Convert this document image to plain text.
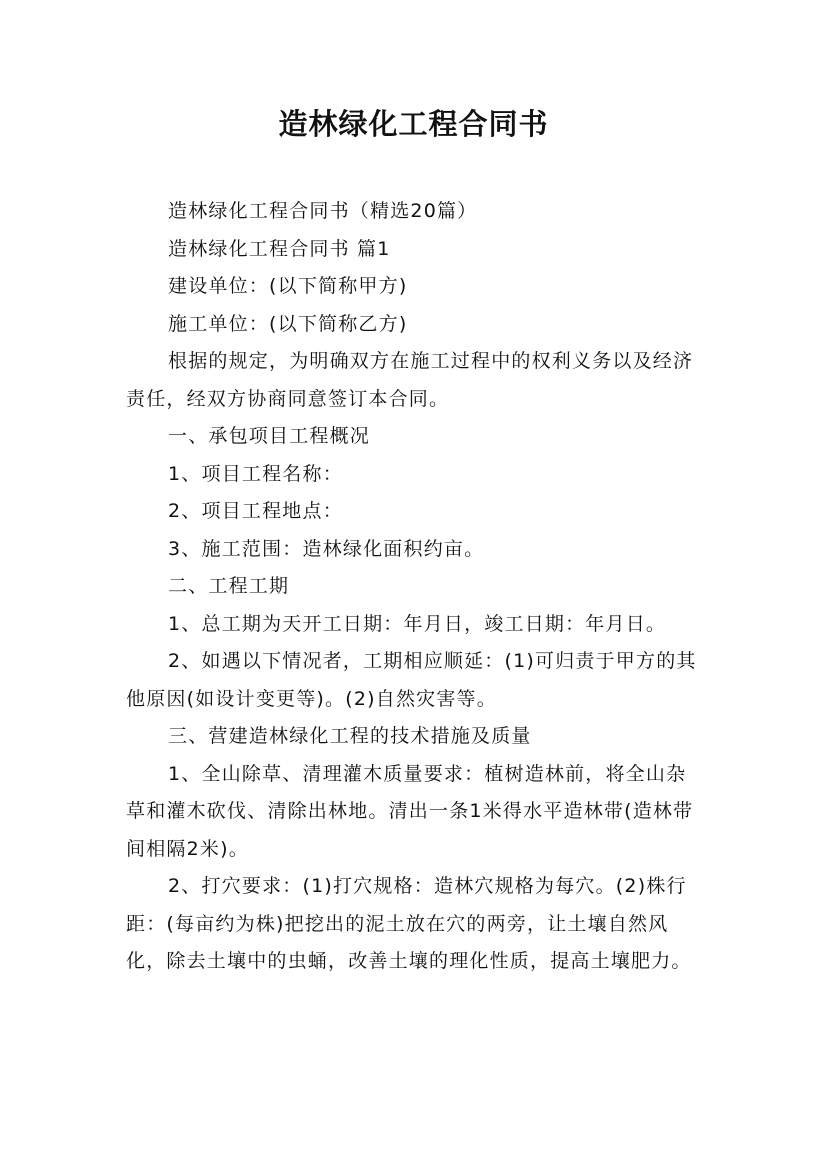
造林绿化工程合同书

造林绿化工程合同书（精选20篇）

造林绿化工程合同书 篇1

建设单位：(以下简称甲方)

施工单位：(以下简称乙方)

根据的规定，为明确双方在施工过程中的权利义务以及经济责任，经双方协商同意签订本合同。

一、承包项目工程概况

1、项目工程名称：

2、项目工程地点：

3、施工范围：造林绿化面积约亩。

二、工程工期

1、总工期为天开工日期：年月日，竣工日期：年月日。

2、如遇以下情况者，工期相应顺延：(1)可归责于甲方的其他原因(如设计变更等)。(2)自然灾害等。

三、营建造林绿化工程的技术措施及质量

1、全山除草、清理灌木质量要求：植树造林前，将全山杂草和灌木砍伐、清除出林地。清出一条1米得水平造林带(造林带间相隔2米)。

2、打穴要求：(1)打穴规格：造林穴规格为每穴。(2)株行距：(每亩约为株)把挖出的泥土放在穴的两旁，让土壤自然风化，除去土壤中的虫蛹，改善土壤的理化性质，提高土壤肥力。
